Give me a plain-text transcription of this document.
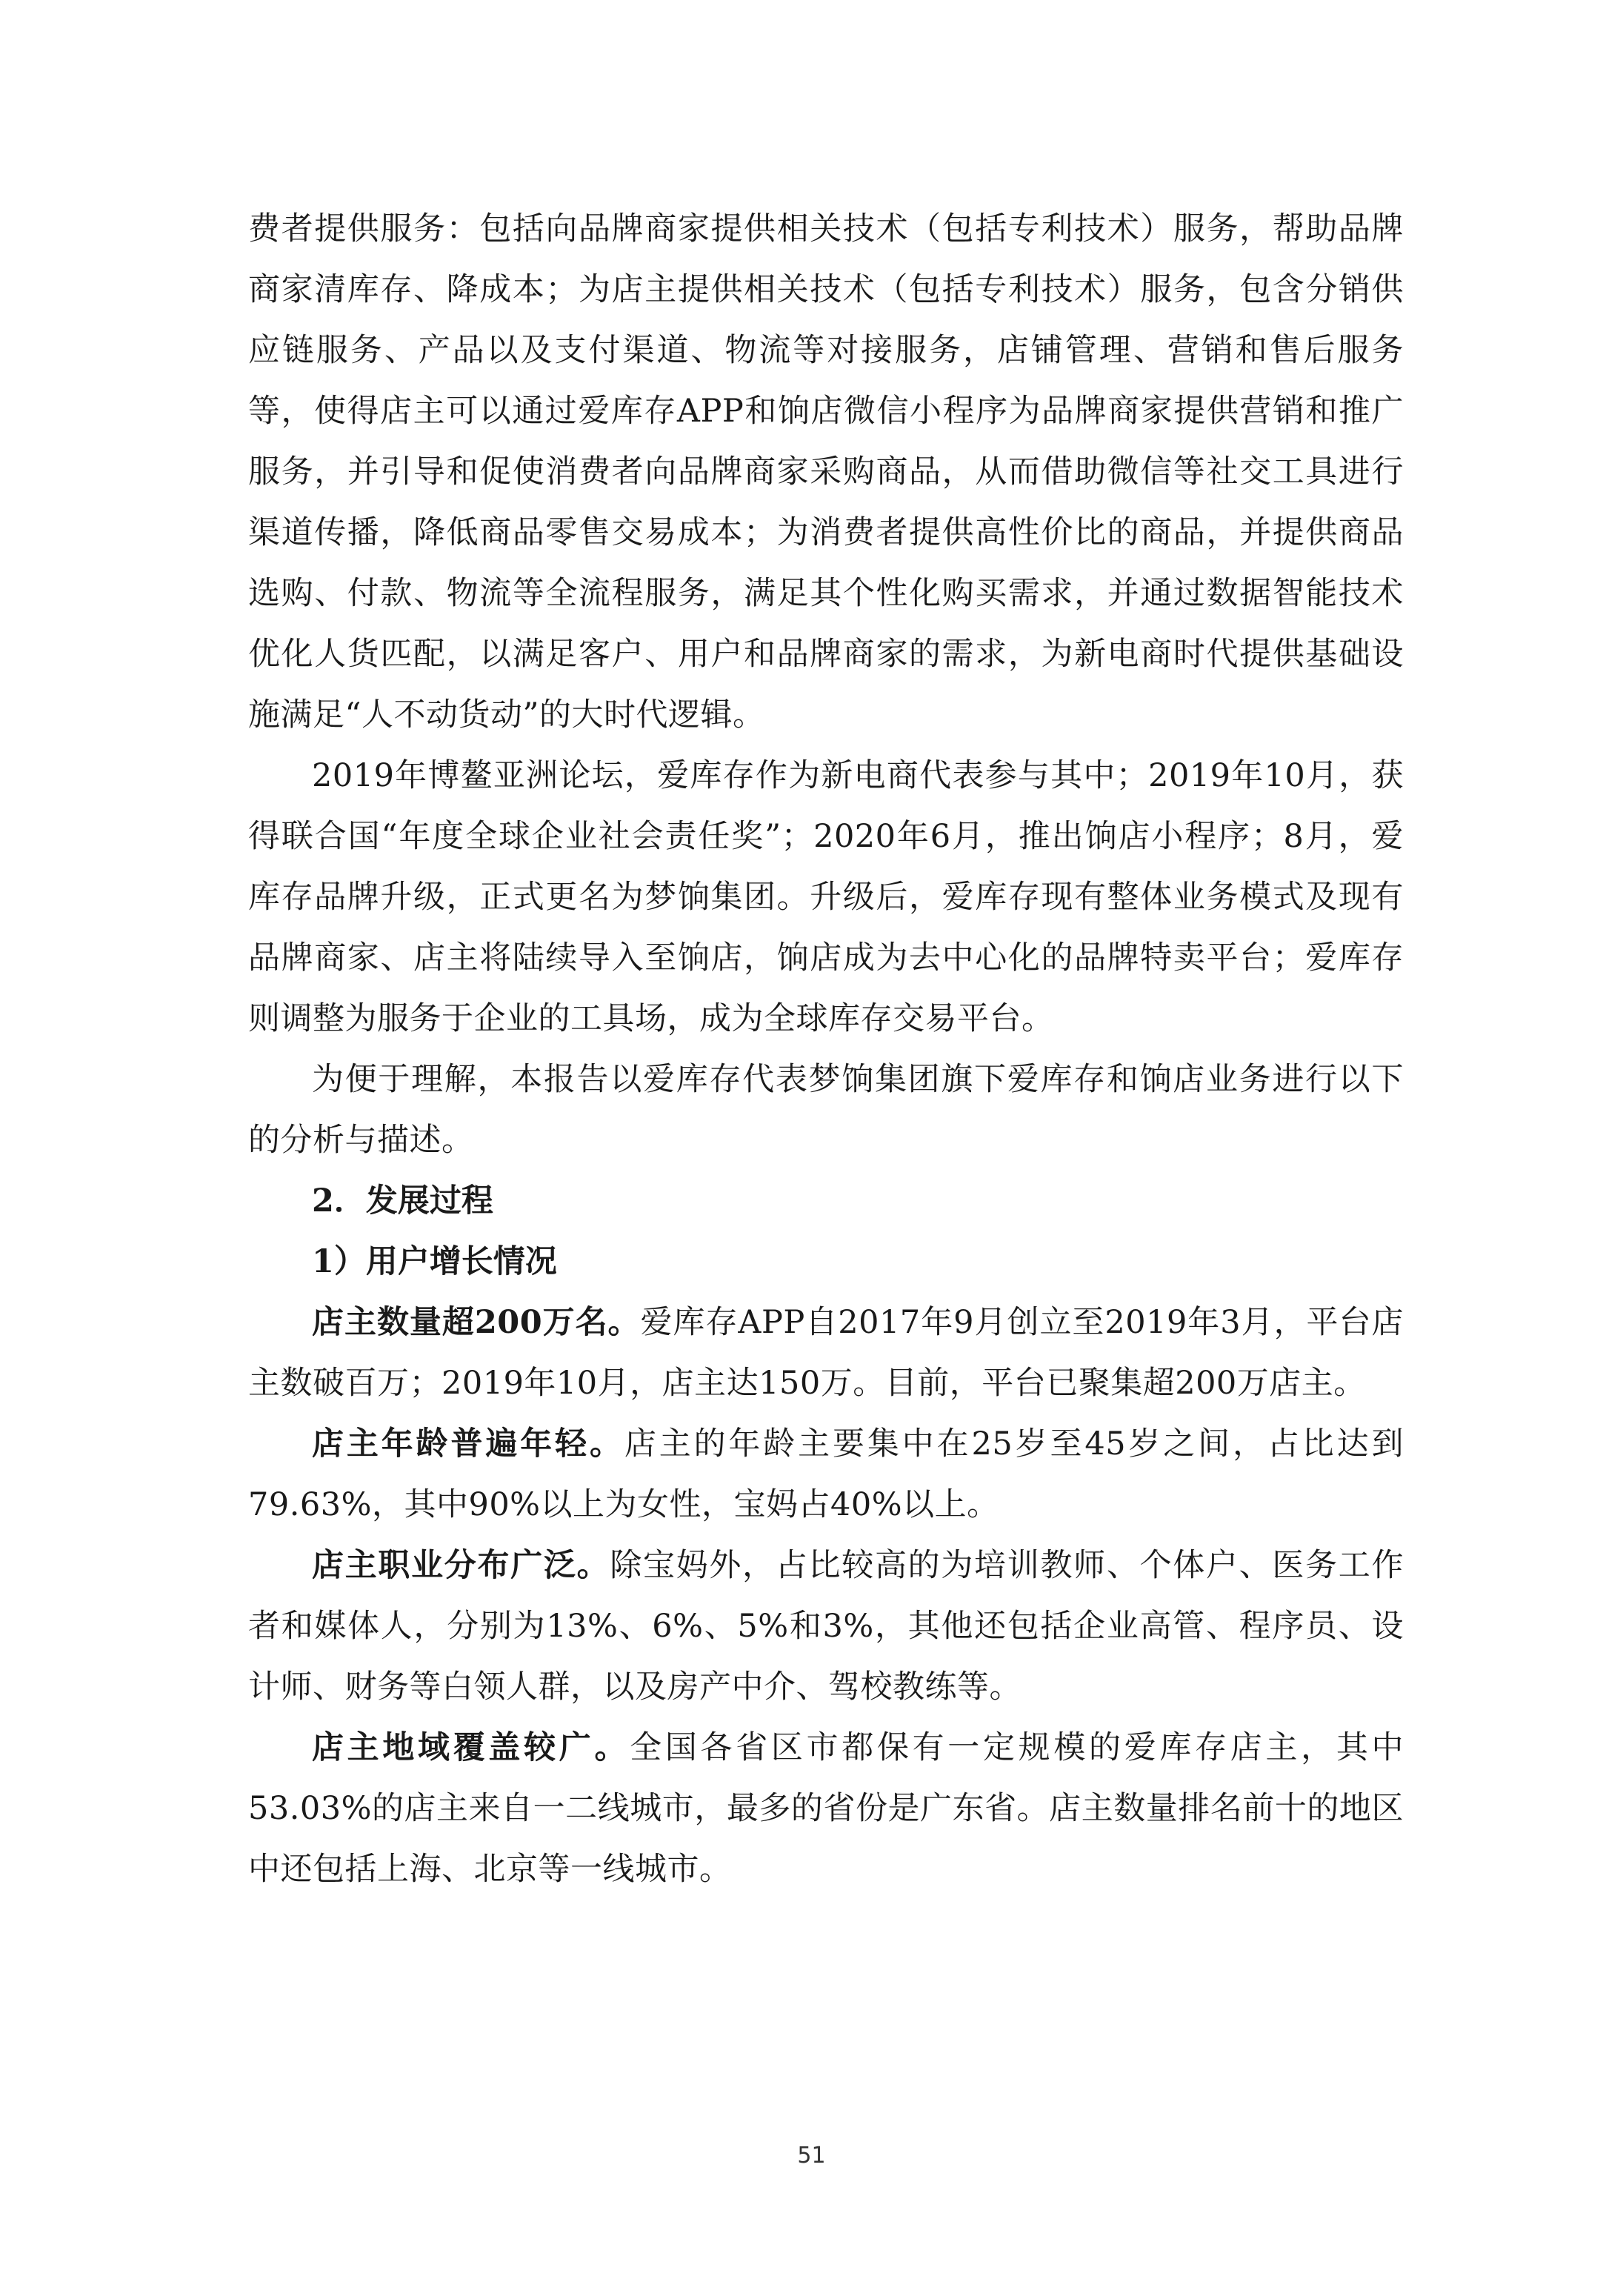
费者提供服务：包括向品牌商家提供相关技术（包括专利技术）服务，帮助品牌商家清库存、降成本；为店主提供相关技术（包括专利技术）服务，包含分销供应链服务、产品以及支付渠道、物流等对接服务，店铺管理、营销和售后服务等，使得店主可以通过爱库存APP和饷店微信小程序为品牌商家提供营销和推广服务，并引导和促使消费者向品牌商家采购商品，从而借助微信等社交工具进行渠道传播，降低商品零售交易成本；为消费者提供高性价比的商品，并提供商品选购、付款、物流等全流程服务，满足其个性化购买需求，并通过数据智能技术优化人货匹配，以满足客户、用户和品牌商家的需求，为新电商时代提供基础设施满足“人不动货动”的大时代逻辑。

2019年博鳌亚洲论坛，爱库存作为新电商代表参与其中；2019年10月，获得联合国“年度全球企业社会责任奖”；2020年6月，推出饷店小程序；8月，爱库存品牌升级，正式更名为梦饷集团。升级后，爱库存现有整体业务模式及现有品牌商家、店主将陆续导入至饷店，饷店成为去中心化的品牌特卖平台；爱库存则调整为服务于企业的工具场，成为全球库存交易平台。

为便于理解，本报告以爱库存代表梦饷集团旗下爱库存和饷店业务进行以下的分析与描述。

2．发展过程

1）用户增长情况

店主数量超200万名。爱库存APP自2017年9月创立至2019年3月，平台店主数破百万；2019年10月，店主达150万。目前，平台已聚集超200万店主。

店主年龄普遍年轻。店主的年龄主要集中在25岁至45岁之间，占比达到79.63%，其中90%以上为女性，宝妈占40%以上。

店主职业分布广泛。除宝妈外，占比较高的为培训教师、个体户、医务工作者和媒体人，分别为13%、6%、5%和3%，其他还包括企业高管、程序员、设计师、财务等白领人群，以及房产中介、驾校教练等。

店主地域覆盖较广。全国各省区市都保有一定规模的爱库存店主，其中53.03%的店主来自一二线城市，最多的省份是广东省。店主数量排名前十的地区中还包括上海、北京等一线城市。

51
